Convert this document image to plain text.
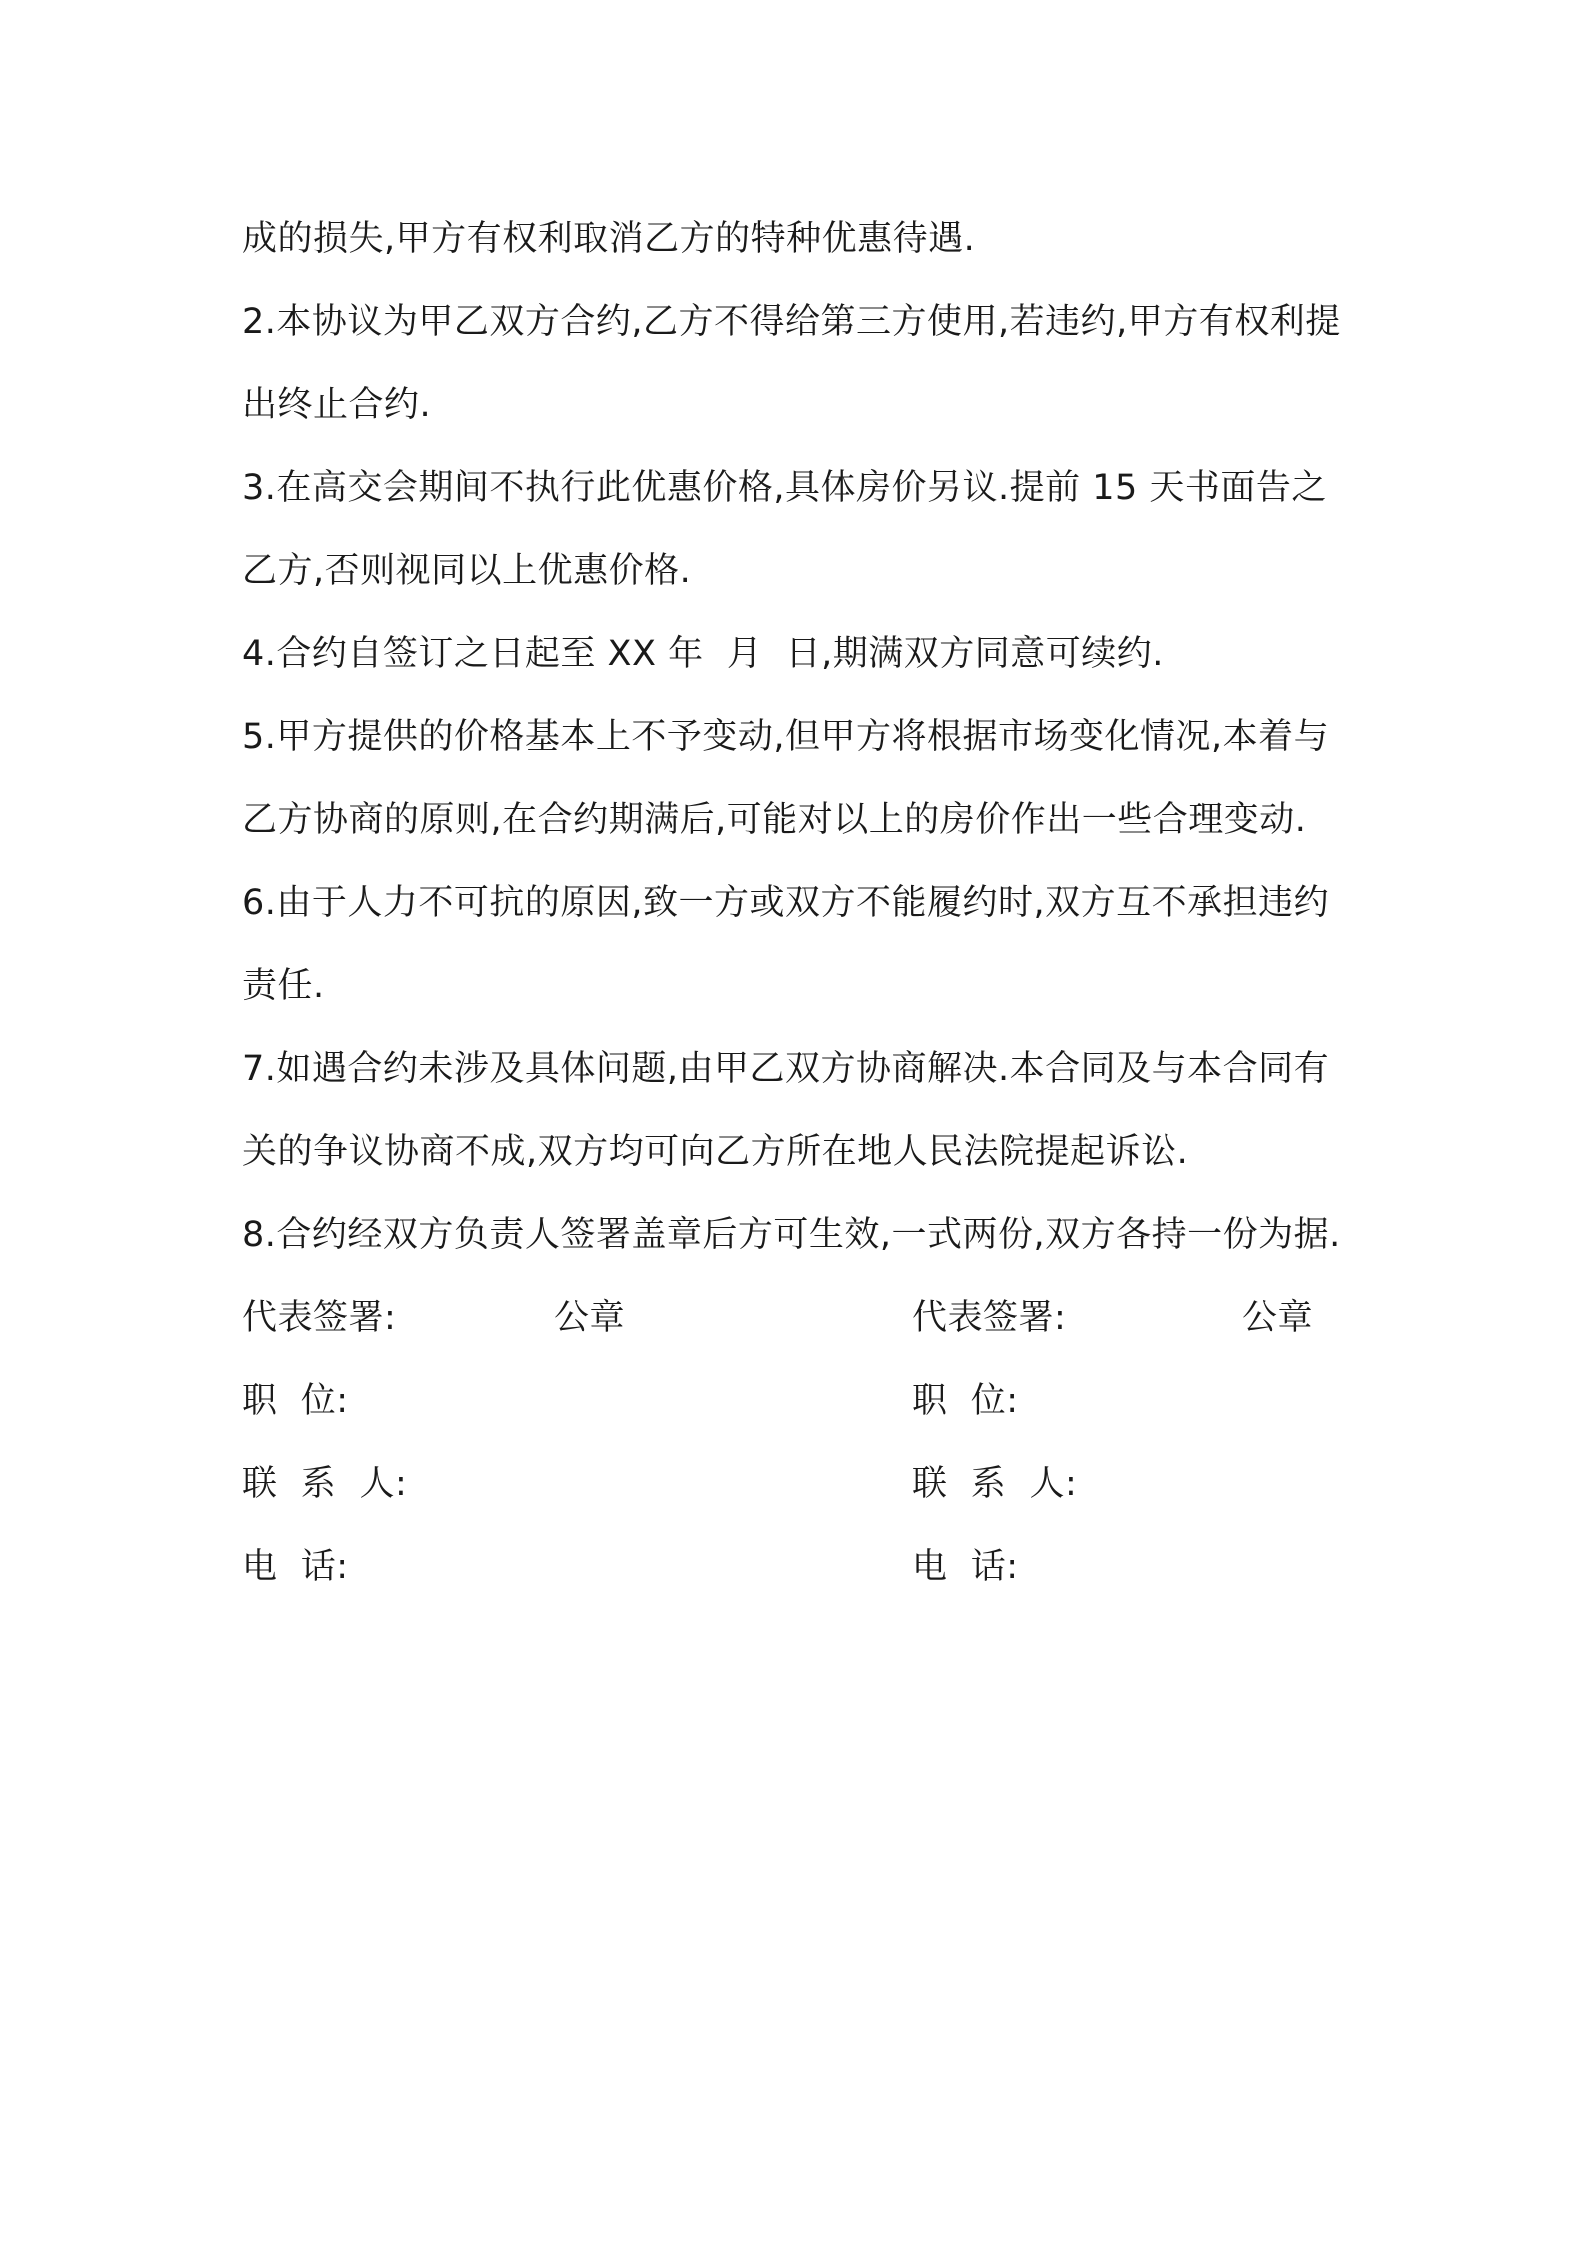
成的损失,甲方有权利取消乙方的特种优惠待遇.

2.本协议为甲乙双方合约,乙方不得给第三方使用,若违约,甲方有权利提出终止合约.

3.在高交会期间不执行此优惠价格,具体房价另议.提前 15 天书面告之乙方,否则视同以上优惠价格.

4.合约自签订之日起至 XX 年  月  日,期满双方同意可续约.

5.甲方提供的价格基本上不予变动,但甲方将根据市场变化情况,本着与乙方协商的原则,在合约期满后,可能对以上的房价作出一些合理变动.

6.由于人力不可抗的原因,致一方或双方不能履约时,双方互不承担违约责任.

7.如遇合约未涉及具体问题,由甲乙双方协商解决.本合同及与本合同有关的争议协商不成,双方均可向乙方所在地人民法院提起诉讼.

8.合约经双方负责人签署盖章后方可生效,一式两份,双方各持一份为据.

代表签署:	公章	代表签署:	公章
职  位:	职  位:
联  系  人:	联  系  人:
电  话:	电  话:
